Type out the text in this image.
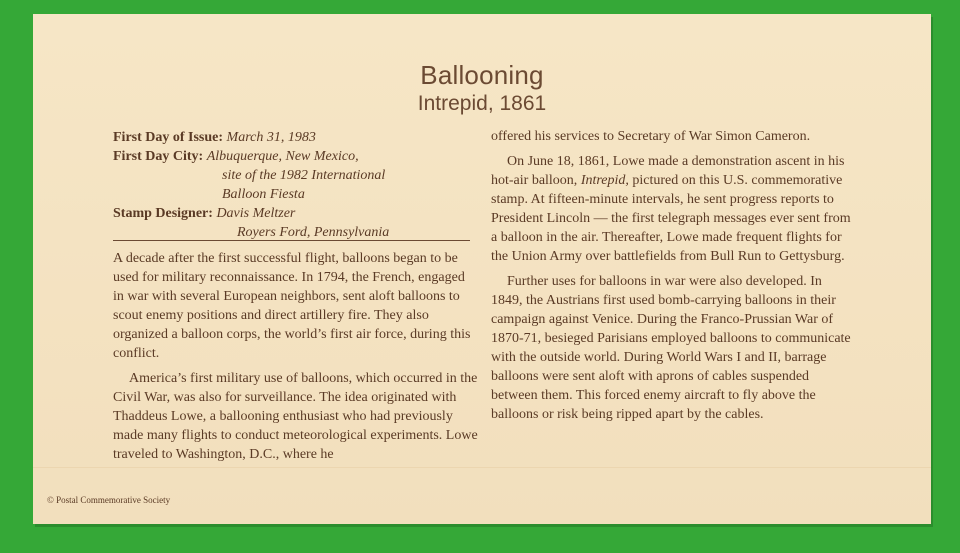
Ballooning
Intrepid, 1861
First Day of Issue: March 31, 1983
First Day City: Albuquerque, New Mexico,
site of the 1982 International
Balloon Fiesta
Stamp Designer: Davis Meltzer
Royers Ford, Pennsylvania

A decade after the first successful flight, balloons began to be used for military reconnaissance. In 1794, the French, engaged in war with several European neighbors, sent aloft balloons to scout enemy positions and direct artillery fire. They also organized a balloon corps, the world’s first air force, during this conflict.

America’s first military use of balloons, which occurred in the Civil War, was also for surveillance. The idea originated with Thaddeus Lowe, a ballooning enthusiast who had previously made many flights to conduct meteorological experiments. Lowe traveled to Washington, D.C., where he

offered his services to Secretary of War Simon Cameron.

On June 18, 1861, Lowe made a demonstration ascent in his hot-air balloon, Intrepid, pictured on this U.S. commemorative stamp. At fifteen-minute intervals, he sent progress reports to President Lincoln — the first telegraph messages ever sent from a balloon in the air. Thereafter, Lowe made frequent flights for the Union Army over battlefields from Bull Run to Gettysburg.

Further uses for balloons in war were also developed. In 1849, the Austrians first used bomb-carrying balloons in their campaign against Venice. During the Franco-Prussian War of 1870-71, besieged Parisians employed balloons to communicate with the outside world. During World Wars I and II, barrage balloons were sent aloft with aprons of cables suspended between them. This forced enemy aircraft to fly above the balloons or risk being ripped apart by the cables.

© Postal Commemorative Society
